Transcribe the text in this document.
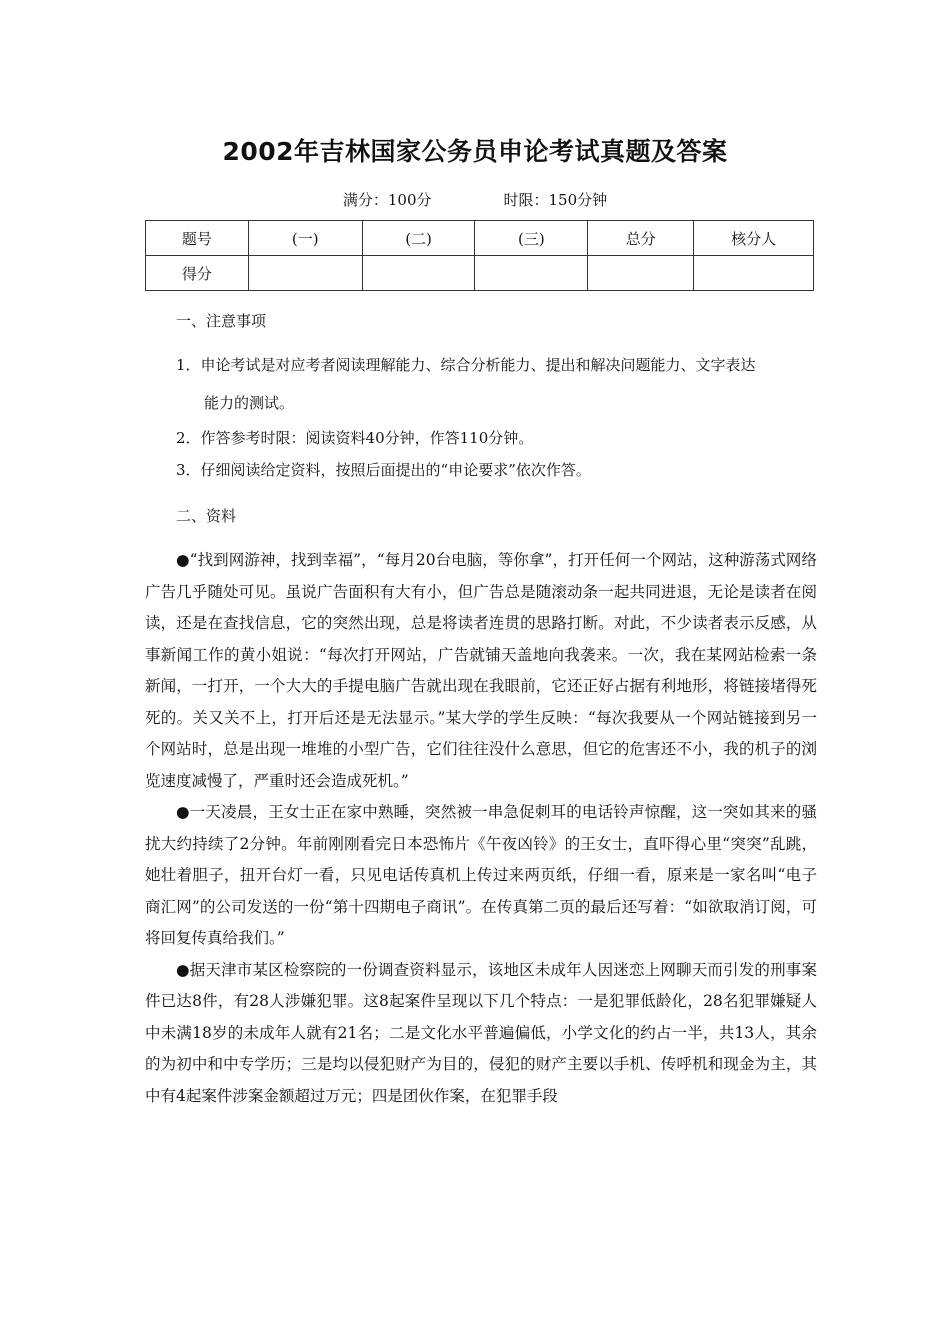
2002年吉林国家公务员申论考试真题及答案
满分：100分	时限：150分钟
题号	(一)	(二)	(三)	总分	核分人
得分					
一、注意事项
1．申论考试是对应考者阅读理解能力、综合分析能力、提出和解决问题能力、文字表达
能力的测试。
2．作答参考时限：阅读资料40分钟，作答110分钟。
3．仔细阅读给定资料，按照后面提出的“申论要求”依次作答。
二、资料

●“找到网游神，找到幸福”，“每月20台电脑，等你拿”，打开任何一个网站，这种游荡式网络广告几乎随处可见。虽说广告面积有大有小，但广告总是随滚动条一起共同进退，无论是读者在阅读，还是在查找信息，它的突然出现，总是将读者连贯的思路打断。对此，不少读者表示反感，从事新闻工作的黄小姐说：“每次打开网站，广告就铺天盖地向我袭来。一次，我在某网站检索一条新闻，一打开，一个大大的手提电脑广告就出现在我眼前，它还正好占据有利地形，将链接堵得死死的。关又关不上，打开后还是无法显示。”某大学的学生反映：“每次我要从一个网站链接到另一个网站时，总是出现一堆堆的小型广告，它们往往没什么意思，但它的危害还不小，我的机子的浏览速度减慢了，严重时还会造成死机。”

●一天凌晨，王女士正在家中熟睡，突然被一串急促刺耳的电话铃声惊醒，这一突如其来的骚扰大约持续了2分钟。年前刚刚看完日本恐怖片《午夜凶铃》的王女士，直吓得心里“突突”乱跳，她壮着胆子，扭开台灯一看，只见电话传真机上传过来两页纸，仔细一看，原来是一家名叫“电子商汇网”的公司发送的一份“第十四期电子商讯”。在传真第二页的最后还写着：“如欲取消订阅，可将回复传真给我们。”

●据天津市某区检察院的一份调查资料显示，该地区未成年人因迷恋上网聊天而引发的刑事案件已达8件，有28人涉嫌犯罪。这8起案件呈现以下几个特点：一是犯罪低龄化，28名犯罪嫌疑人中未满18岁的未成年人就有21名；二是文化水平普遍偏低，小学文化的约占一半，共13人，其余的为初中和中专学历；三是均以侵犯财产为目的，侵犯的财产主要以手机、传呼机和现金为主，其中有4起案件涉案金额超过万元；四是团伙作案，在犯罪手段
